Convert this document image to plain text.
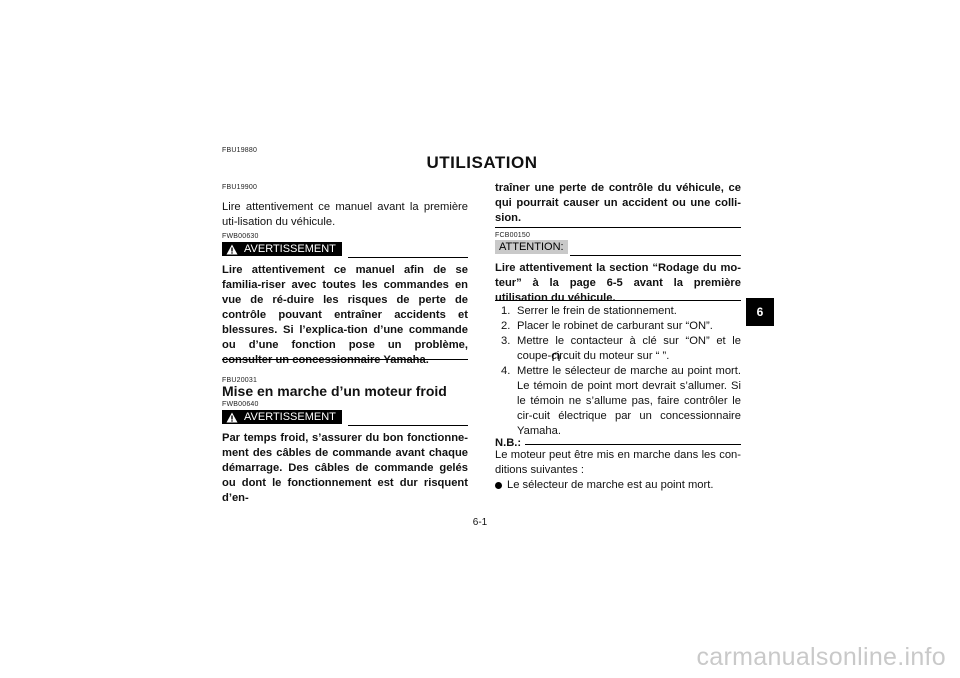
FBU19880
UTILISATION
FBU19900

Lire attentivement ce manuel avant la première uti-lisation du véhicule.

FWB00630
AVERTISSEMENT

Lire attentivement ce manuel afin de se familia-riser avec toutes les commandes en vue de ré-duire les risques de perte de contrôle pouvant entraîner accidents et blessures. Si l’explica-tion d’une commande ou d’une fonction pose un problème, consulter un concessionnaire Yamaha.

FBU20031
Mise en marche d’un moteur froid
FWB00640
AVERTISSEMENT

Par temps froid, s’assurer du bon fonctionne-ment des câbles de commande avant chaque démarrage. Des câbles de commande gelés ou dont le fonctionnement est dur risquent d’en-

traîner une perte de contrôle du véhicule, ce qui pourrait causer un accident ou une colli-sion.

FCB00150
ATTENTION:

Lire attentivement la section “Rodage du mo-teur” à la page 6-5 avant la première utilisation du véhicule.

1. Serrer le frein de stationnement.
2. Placer le robinet de carburant sur “ON”.
3. Mettre le contacteur à clé sur “ON” et le coupe-circuit du moteur sur “ ”.
4. Mettre le sélecteur de marche au point mort. Le témoin de point mort devrait s’allumer. Si le témoin ne s’allume pas, faire contrôler le cir-cuit électrique par un concessionnaire Yamaha.
N.B.:

Le moteur peut être mis en marche dans les con-ditions suivantes :

Le sélecteur de marche est au point mort.
6
6-1
carmanualsonline.info
